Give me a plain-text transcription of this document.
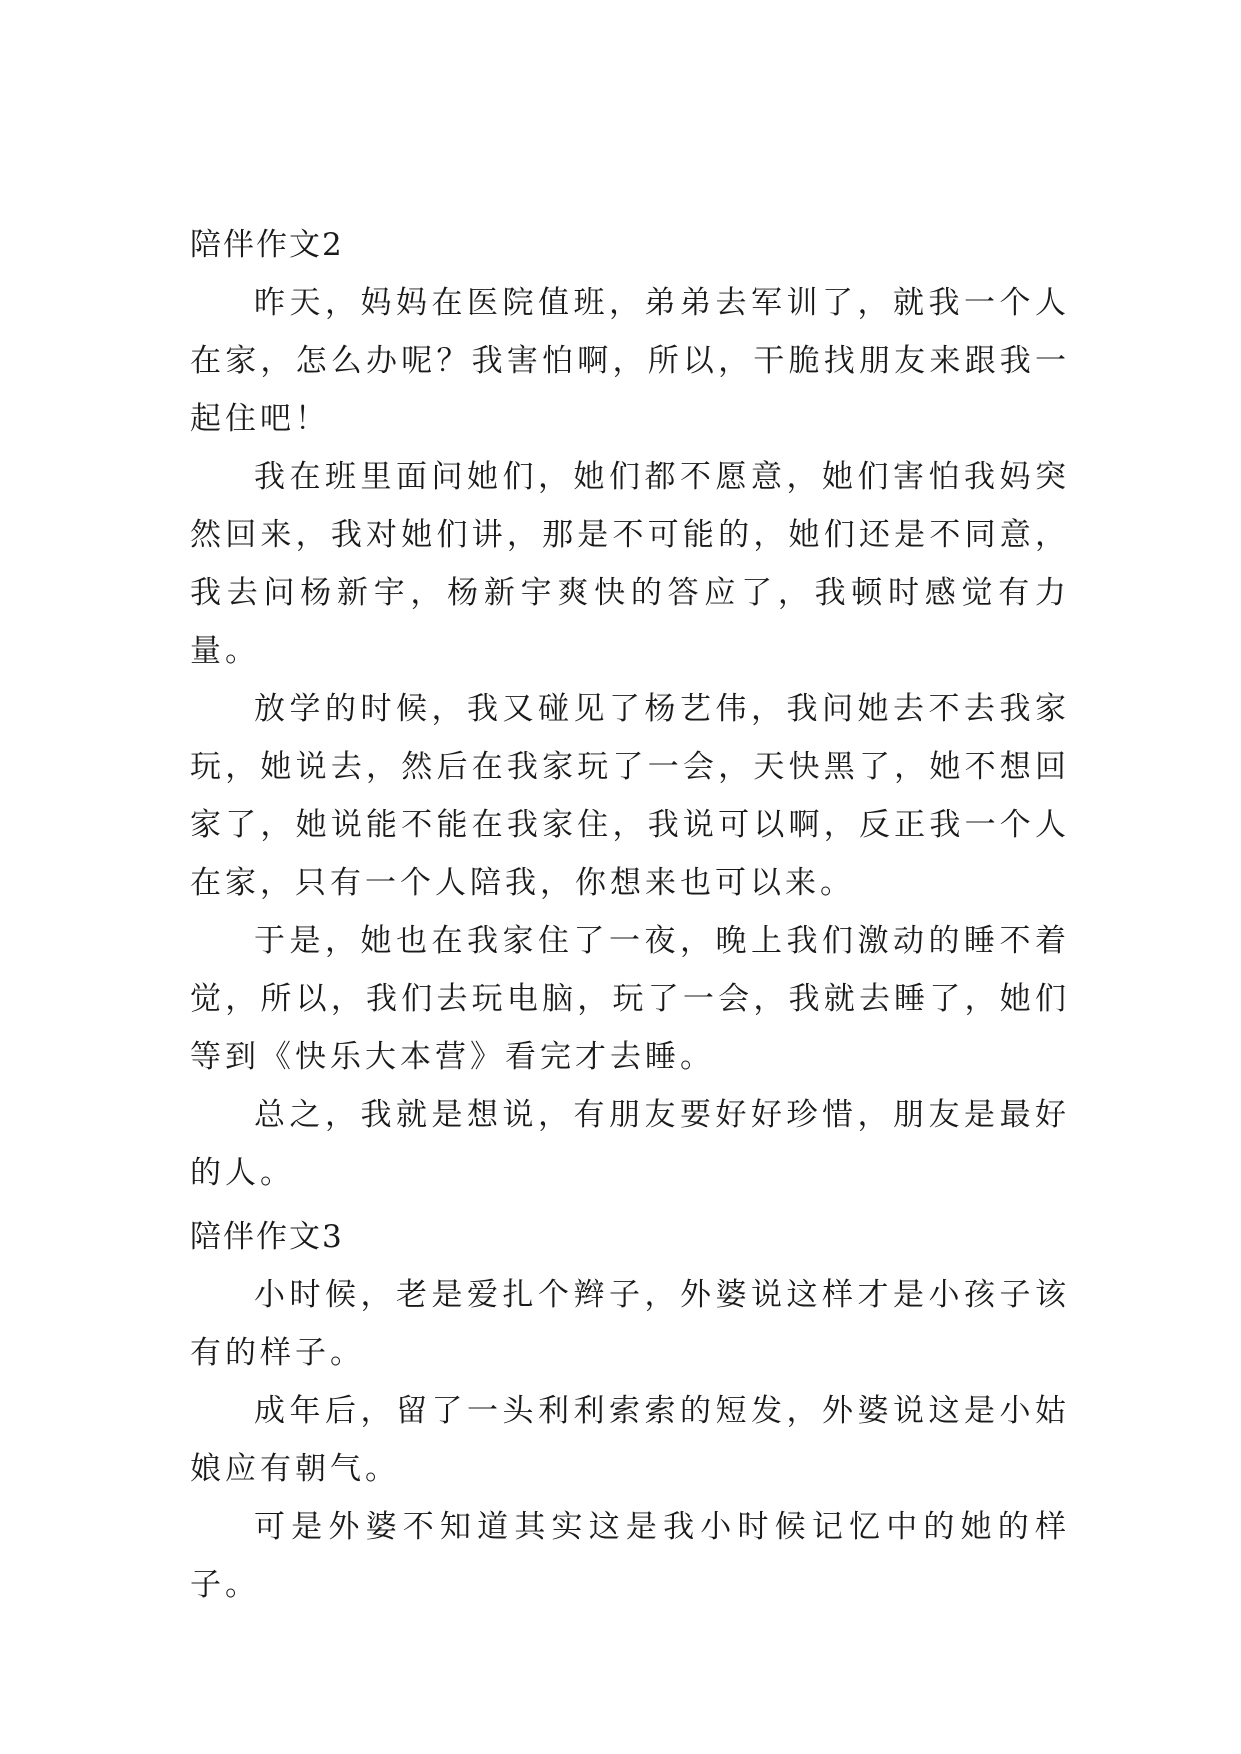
陪伴作文2

昨天，妈妈在医院值班，弟弟去军训了，就我一个人在家，怎么办呢？我害怕啊，所以，干脆找朋友来跟我一起住吧！

我在班里面问她们，她们都不愿意，她们害怕我妈突然回来，我对她们讲，那是不可能的，她们还是不同意，我去问杨新宇，杨新宇爽快的答应了，我顿时感觉有力量。

放学的时候，我又碰见了杨艺伟，我问她去不去我家玩，她说去，然后在我家玩了一会，天快黑了，她不想回家了，她说能不能在我家住，我说可以啊，反正我一个人在家，只有一个人陪我，你想来也可以来。

于是，她也在我家住了一夜，晚上我们激动的睡不着觉，所以，我们去玩电脑，玩了一会，我就去睡了，她们等到《快乐大本营》看完才去睡。

总之，我就是想说，有朋友要好好珍惜，朋友是最好的人。

陪伴作文3

小时候，老是爱扎个辫子，外婆说这样才是小孩子该有的样子。

成年后，留了一头利利索索的短发，外婆说这是小姑娘应有朝气。

可是外婆不知道其实这是我小时候记忆中的她的样子。
